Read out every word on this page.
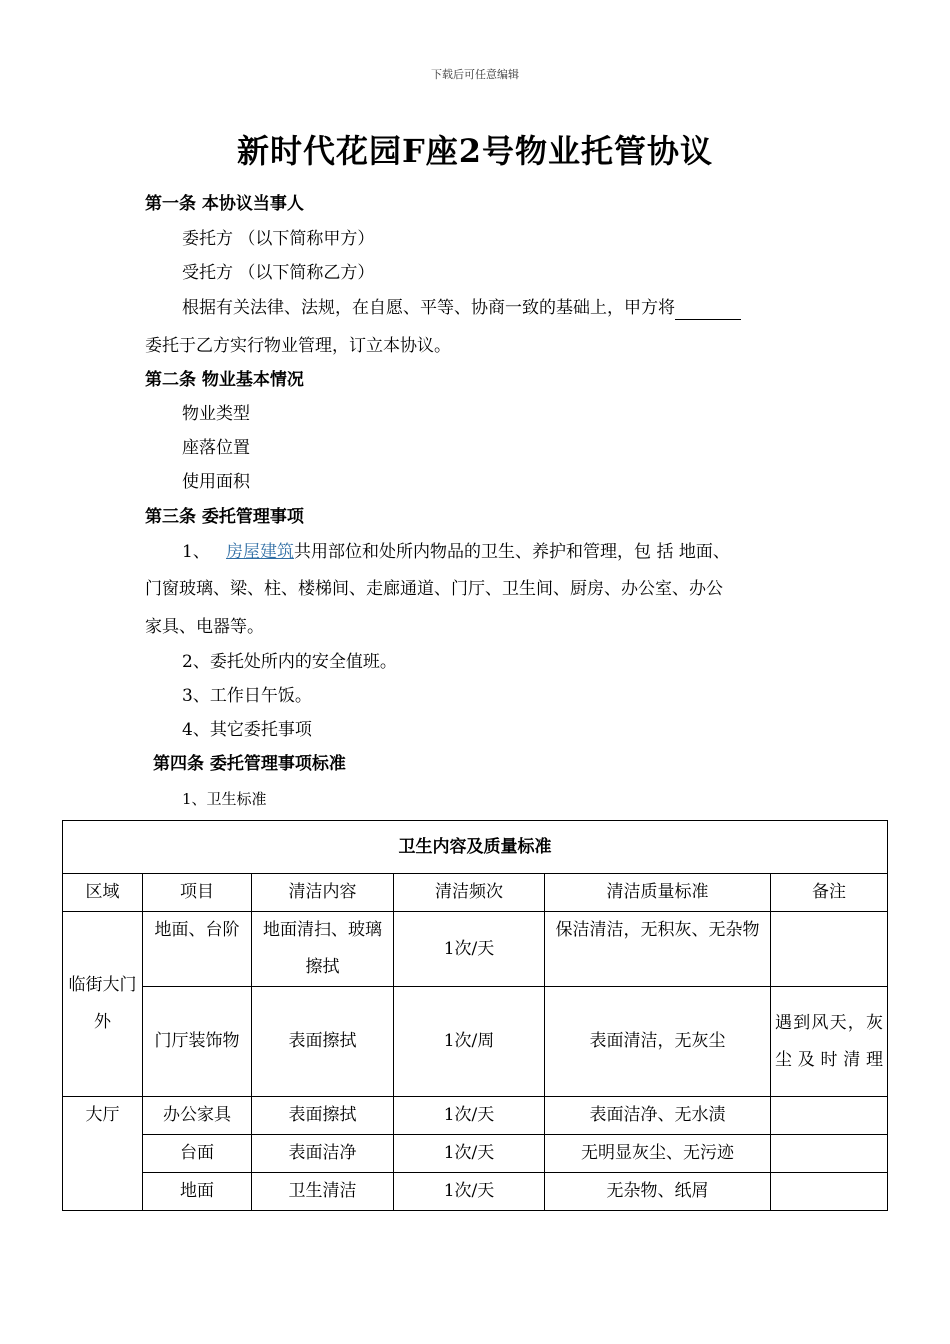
下载后可任意编辑
新时代花园F座2号物业托管协议
第一条 本协议当事人
委托方 （以下简称甲方）
受托方 （以下简称乙方）
根据有关法律、法规，在自愿、平等、协商一致的基础上，甲方将
委托于乙方实行物业管理，订立本协议。
第二条 物业基本情况
物业类型
座落位置
使用面积
第三条 委托管理事项
1、 房屋建筑共用部位和处所内物品的卫生、养护和管理，包 括 地面、
门窗玻璃、梁、柱、楼梯间、走廊通道、门厅、卫生间、厨房、办公室、办公
家具、电器等。
2、委托处所内的安全值班。
3、工作日午饭。
4、其它委托事项
第四条 委托管理事项标准
1、卫生标准
卫生内容及质量标准					
区域	项目	清洁内容	清洁频次	清洁质量标准	备注
临街大门外	地面、台阶	地面清扫、玻璃擦拭	1次/天	保洁清洁，无积灰、无杂物	
	门厅装饰物	表面擦拭	1次/周	表面清洁，无灰尘	遇到风天，灰尘及时清理
大厅	办公家具	表面擦拭	1次/天	表面洁净、无水渍	
	台面	表面洁净	1次/天	无明显灰尘、无污迹	
	地面	卫生清洁	1次/天	无杂物、纸屑	
